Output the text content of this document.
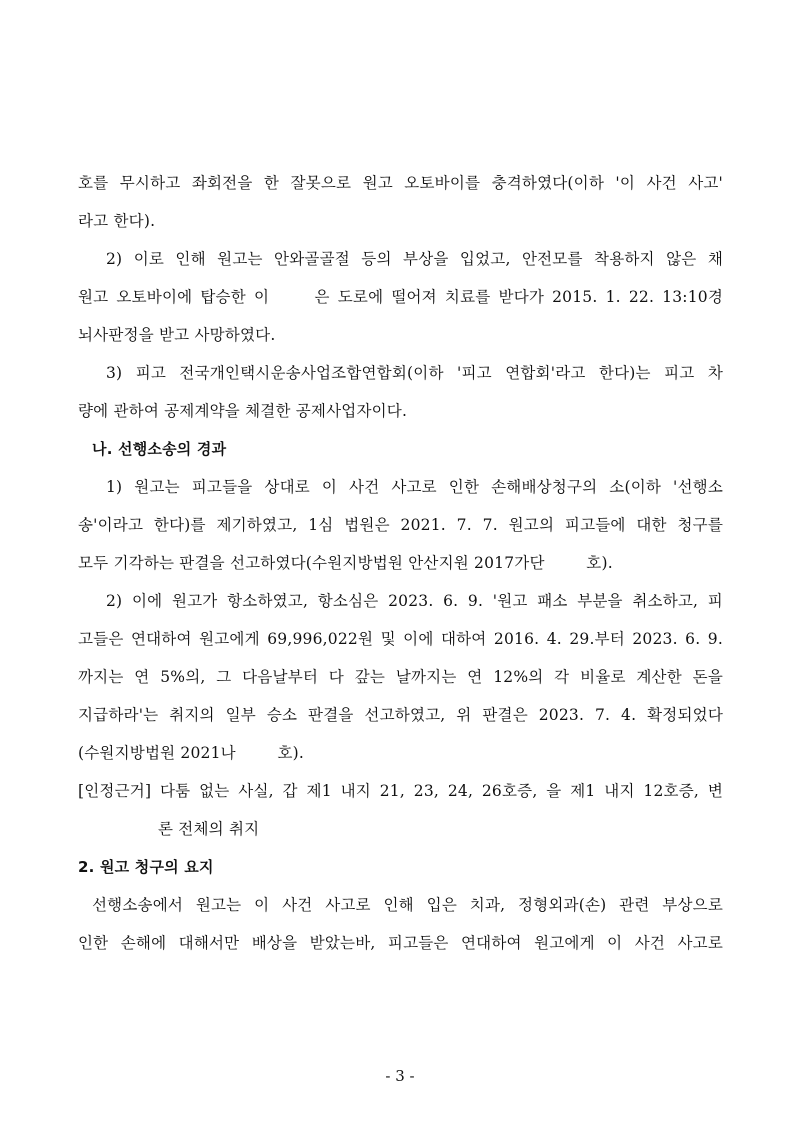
호를 무시하고 좌회전을 한 잘못으로 원고 오토바이를 충격하였다(이하 '이 사건 사고'
라고 한다).
2) 이로 인해 원고는 안와골골절 등의 부상을 입었고, 안전모를 착용하지 않은 채
원고 오토바이에 탑승한 이 　　은 도로에 떨어져 치료를 받다가 2015. 1. 22. 13:10경
뇌사판정을 받고 사망하였다.
3) 피고 전국개인택시운송사업조합연합회(이하 '피고 연합회'라고 한다)는 피고 차
량에 관하여 공제계약을 체결한 공제사업자이다.
나. 선행소송의 경과
1) 원고는 피고들을 상대로 이 사건 사고로 인한 손해배상청구의 소(이하 '선행소
송'이라고 한다)를 제기하였고, 1심 법원은 2021. 7. 7. 원고의 피고들에 대한 청구를
모두 기각하는 판결을 선고하였다(수원지방법원 안산지원 2017가단 　　 호).
2) 이에 원고가 항소하였고, 항소심은 2023. 6. 9. '원고 패소 부분을 취소하고, 피
고들은 연대하여 원고에게 69,996,022원 및 이에 대하여 2016. 4. 29.부터 2023. 6. 9.
까지는 연 5%의, 그 다음날부터 다 갚는 날까지는 연 12%의 각 비율로 계산한 돈을
지급하라'는 취지의 일부 승소 판결을 선고하였고, 위 판결은 2023. 7. 4. 확정되었다
(수원지방법원 2021나 　　 호).
[인정근거] 다툼 없는 사실, 갑 제1 내지 21, 23, 24, 26호증, 을 제1 내지 12호증, 변
론 전체의 취지
2. 원고 청구의 요지
선행소송에서 원고는 이 사건 사고로 인해 입은 치과, 정형외과(손) 관련 부상으로
인한 손해에 대해서만 배상을 받았는바, 피고들은 연대하여 원고에게 이 사건 사고로
- 3 -
